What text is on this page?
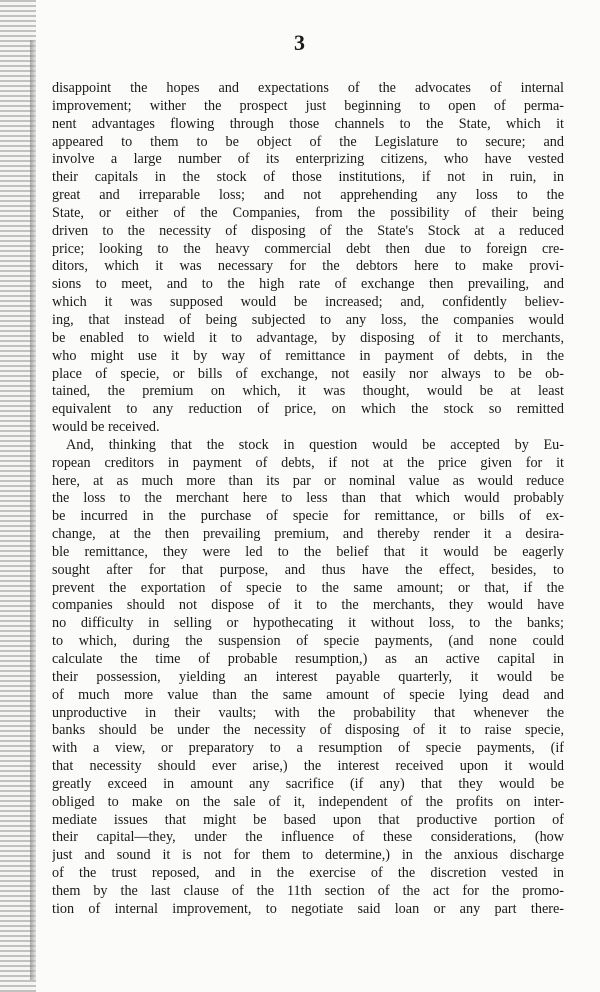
3

disappoint the hopes and expectations of the advocates of internal
improvement; wither the prospect just beginning to open of perma-
nent advantages flowing through those channels to the State, which it
appeared to them to be object of the Legislature to secure; and
involve a large number of its enterprizing citizens, who have vested
their capitals in the stock of those institutions, if not in ruin, in
great and irreparable loss; and not apprehending any loss to the
State, or either of the Companies, from the possibility of their being
driven to the necessity of disposing of the State's Stock at a reduced
price; looking to the heavy commercial debt then due to foreign cre-
ditors, which it was necessary for the debtors here to make provi-
sions to meet, and to the high rate of exchange then prevailing, and
which it was supposed would be increased; and, confidently believ-
ing, that instead of being subjected to any loss, the companies would
be enabled to wield it to advantage, by disposing of it to merchants,
who might use it by way of remittance in payment of debts, in the
place of specie, or bills of exchange, not easily nor always to be ob-
tained, the premium on which, it was thought, would be at least
equivalent to any reduction of price, on which the stock so remitted
would be received.

And, thinking that the stock in question would be accepted by Eu-
ropean creditors in payment of debts, if not at the price given for it
here, at as much more than its par or nominal value as would reduce
the loss to the merchant here to less than that which would probably
be incurred in the purchase of specie for remittance, or bills of ex-
change, at the then prevailing premium, and thereby render it a desira-
ble remittance, they were led to the belief that it would be eagerly
sought after for that purpose, and thus have the effect, besides, to
prevent the exportation of specie to the same amount; or that, if the
companies should not dispose of it to the merchants, they would have
no difficulty in selling or hypothecating it without loss, to the banks;
to which, during the suspension of specie payments, (and none could
calculate the time of probable resumption,) as an active capital in
their possession, yielding an interest payable quarterly, it would be
of much more value than the same amount of specie lying dead and
unproductive in their vaults; with the probability that whenever the
banks should be under the necessity of disposing of it to raise specie,
with a view, or preparatory to a resumption of specie payments, (if
that necessity should ever arise,) the interest received upon it would
greatly exceed in amount any sacrifice (if any) that they would be
obliged to make on the sale of it, independent of the profits on inter-
mediate issues that might be based upon that productive portion of
their capital—they, under the influence of these considerations, (how
just and sound it is not for them to determine,) in the anxious discharge
of the trust reposed, and in the exercise of the discretion vested in
them by the last clause of the 11th section of the act for the promo-
tion of internal improvement, to negotiate said loan or any part there-
